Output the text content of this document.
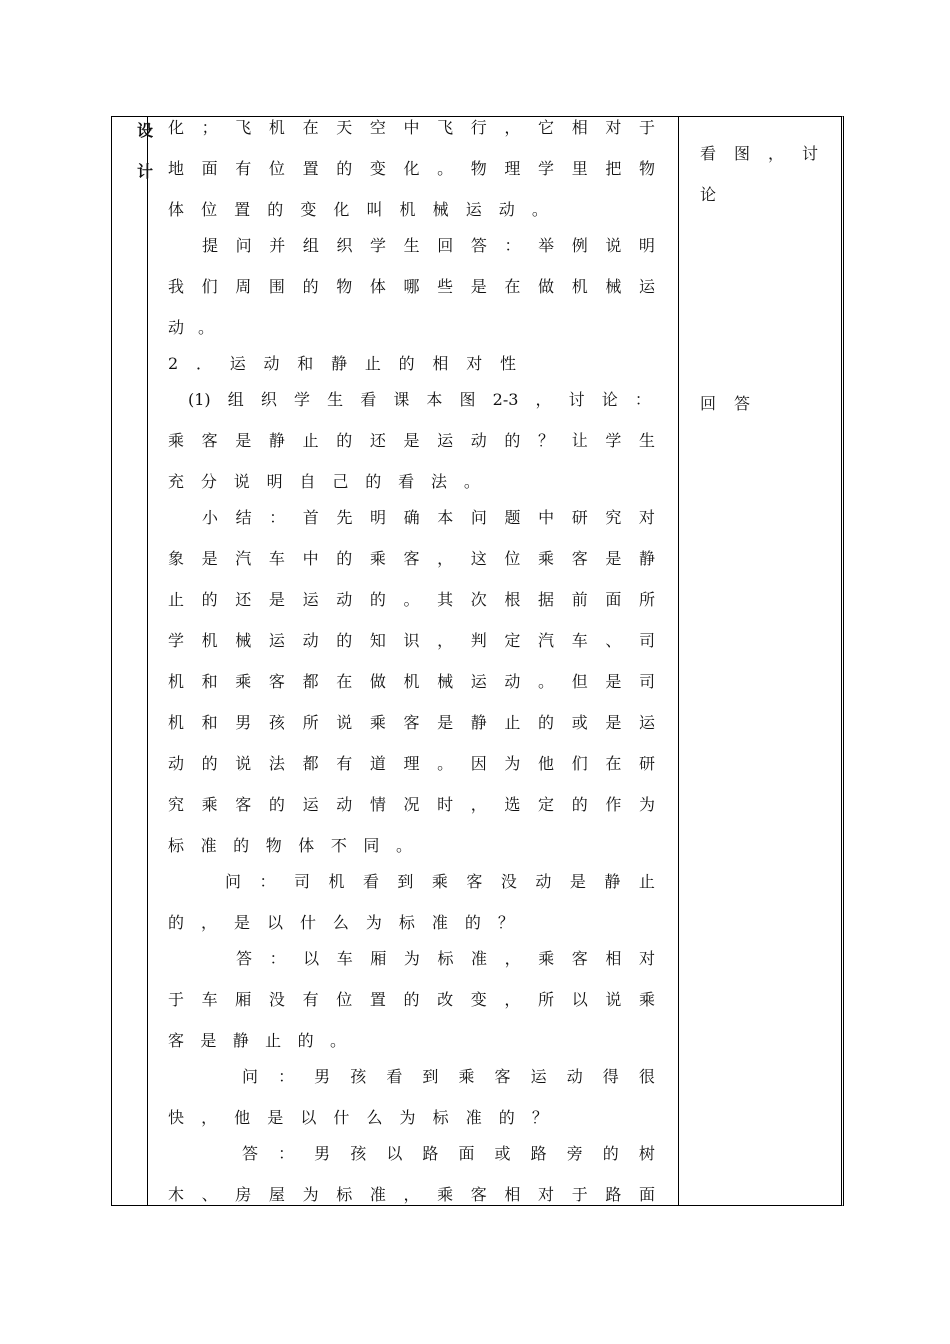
设
计
化 ； 飞 机 在 天 空 中 飞 行 ， 它 相 对 于
地 面 有 位 置 的 变 化 。 物 理 学 里 把 物
体 位 置 的 变 化 叫 机 械 运 动 。
提 问 并 组 织 学 生 回 答 ： 举 例 说 明
我 们 周 围 的 物 体 哪 些 是 在 做 机 械 运
动 。
2 ． 运 动 和 静 止 的 相 对 性
(1) 组 织 学 生 看 课 本 图 2-3 ， 讨 论 ：
乘 客 是 静 止 的 还 是 运 动 的 ？ 让 学 生
充 分 说 明 自 己 的 看 法 。
小 结 ： 首 先 明 确 本 问 题 中 研 究 对
象 是 汽 车 中 的 乘 客 ， 这 位 乘 客 是 静
止 的 还 是 运 动 的 。 其 次 根 据 前 面 所
学 机 械 运 动 的 知 识 ， 判 定 汽 车 、 司
机 和 乘 客 都 在 做 机 械 运 动 。 但 是 司
机 和 男 孩 所 说 乘 客 是 静 止 的 或 是 运
动 的 说 法 都 有 道 理 。 因 为 他 们 在 研
究 乘 客 的 运 动 情 况 时 ， 选 定 的 作 为
标 准 的 物 体 不 同 。
问 ： 司 机 看 到 乘 客 没 动 是 静 止
的 ， 是 以 什 么 为 标 准 的 ？
答 ： 以 车 厢 为 标 准 ， 乘 客 相 对
于 车 厢 没 有 位 置 的 改 变 ， 所 以 说 乘
客 是 静 止 的 。
问 ： 男 孩 看 到 乘 客 运 动 得 很
快 ， 他 是 以 什 么 为 标 准 的 ？
答 ： 男 孩 以 路 面 或 路 旁 的 树
木 、 房 屋 为 标 准 ， 乘 客 相 对 于 路 面
看 图 ， 讨
论
回 答
